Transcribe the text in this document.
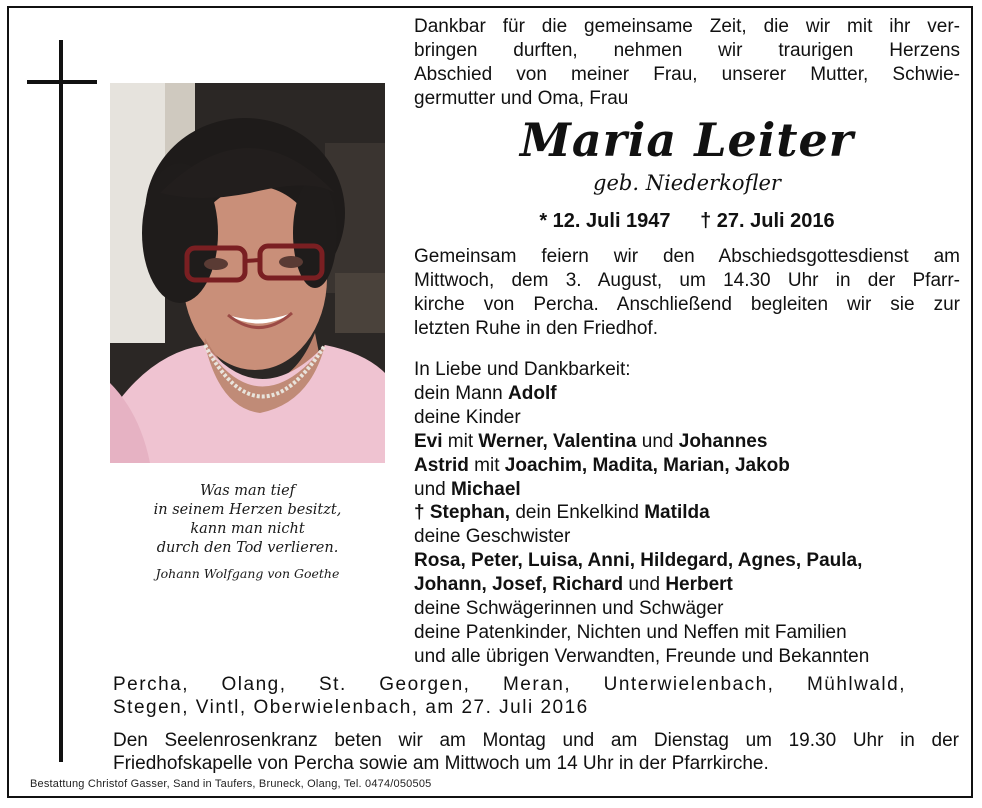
Was man tief
in seinem Herzen besitzt,
kann man nicht
durch den Tod verlieren.
Johann Wolfgang von Goethe
Dankbar für die gemeinsame Zeit, die wir mit ihr ver-
bringen durften, nehmen wir traurigen Herzens
Abschied von meiner Frau, unserer Mutter, Schwie-
germutter und Oma, Frau
Maria Leiter
geb. Niederkofler
* 12. Juli 1947 † 27. Juli 2016
Gemeinsam feiern wir den Abschiedsgottesdienst am
Mittwoch, dem 3. August, um 14.30 Uhr in der Pfarr-
kirche von Percha. Anschließend begleiten wir sie zur
letzten Ruhe in den Friedhof.
In Liebe und Dankbarkeit:
dein Mann Adolf
deine Kinder
Evi mit Werner, Valentina und Johannes
Astrid mit Joachim, Madita, Marian, Jakob
und Michael
† Stephan, dein Enkelkind Matilda
deine Geschwister
Rosa, Peter, Luisa, Anni, Hildegard, Agnes, Paula,
Johann, Josef, Richard und Herbert
deine Schwägerinnen und Schwäger
deine Patenkinder, Nichten und Neffen mit Familien
und alle übrigen Verwandten, Freunde und Bekannten
Percha, Olang, St. Georgen, Meran, Unterwielenbach, Mühlwald,
Stegen, Vintl, Oberwielenbach, am 27. Juli 2016
Den Seelenrosenkranz beten wir am Montag und am Dienstag um 19.30 Uhr in der
Friedhofskapelle von Percha sowie am Mittwoch um 14 Uhr in der Pfarrkirche.
Bestattung Christof Gasser, Sand in Taufers, Bruneck, Olang, Tel. 0474/050505
